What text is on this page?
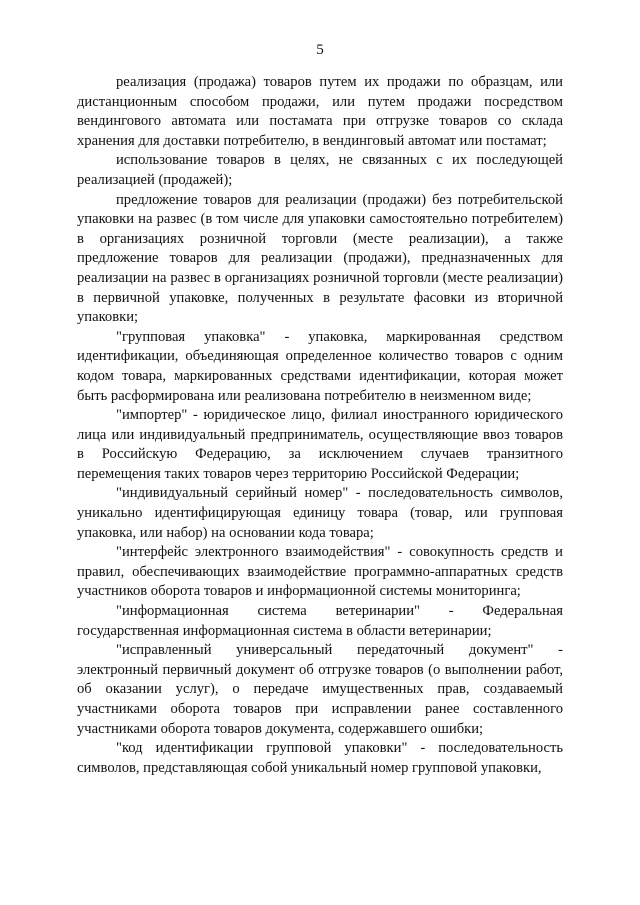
5

реализация (продажа) товаров путем их продажи по образцам, или дистанционным способом продажи, или путем продажи посредством вендингового автомата или постамата при отгрузке товаров со склада хранения для доставки потребителю, в вендинговый автомат или постамат;

использование товаров в целях, не связанных с их последующей реализацией (продажей);

предложение товаров для реализации (продажи) без потребительской упаковки на развес (в том числе для упаковки самостоятельно потребителем) в организациях розничной торговли (месте реализации), а также предложение товаров для реализации (продажи), предназначенных для реализации на развес в организациях розничной торговли (месте реализации) в первичной упаковке, полученных в результате фасовки из вторичной упаковки;

"групповая упаковка" - упаковка, маркированная средством идентификации, объединяющая определенное количество товаров с одним кодом товара, маркированных средствами идентификации, которая может быть расформирована или реализована потребителю в неизменном виде;

"импортер" - юридическое лицо, филиал иностранного юридического лица или индивидуальный предприниматель, осуществляющие ввоз товаров в Российскую Федерацию, за исключением случаев транзитного перемещения таких товаров через территорию Российской Федерации;

"индивидуальный серийный номер" - последовательность символов, уникально идентифицирующая единицу товара (товар, или групповая упаковка, или набор) на основании кода товара;

"интерфейс электронного взаимодействия" - совокупность средств и правил, обеспечивающих взаимодействие программно-аппаратных средств участников оборота товаров и информационной системы мониторинга;

"информационная система ветеринарии" - Федеральная государственная информационная система в области ветеринарии;

"исправленный универсальный передаточный документ" - электронный первичный документ об отгрузке товаров (о выполнении работ, об оказании услуг), о передаче имущественных прав, создаваемый участниками оборота товаров при исправлении ранее составленного участниками оборота товаров документа, содержавшего ошибки;

"код идентификации групповой упаковки" - последовательность символов, представляющая собой уникальный номер групповой упаковки,
